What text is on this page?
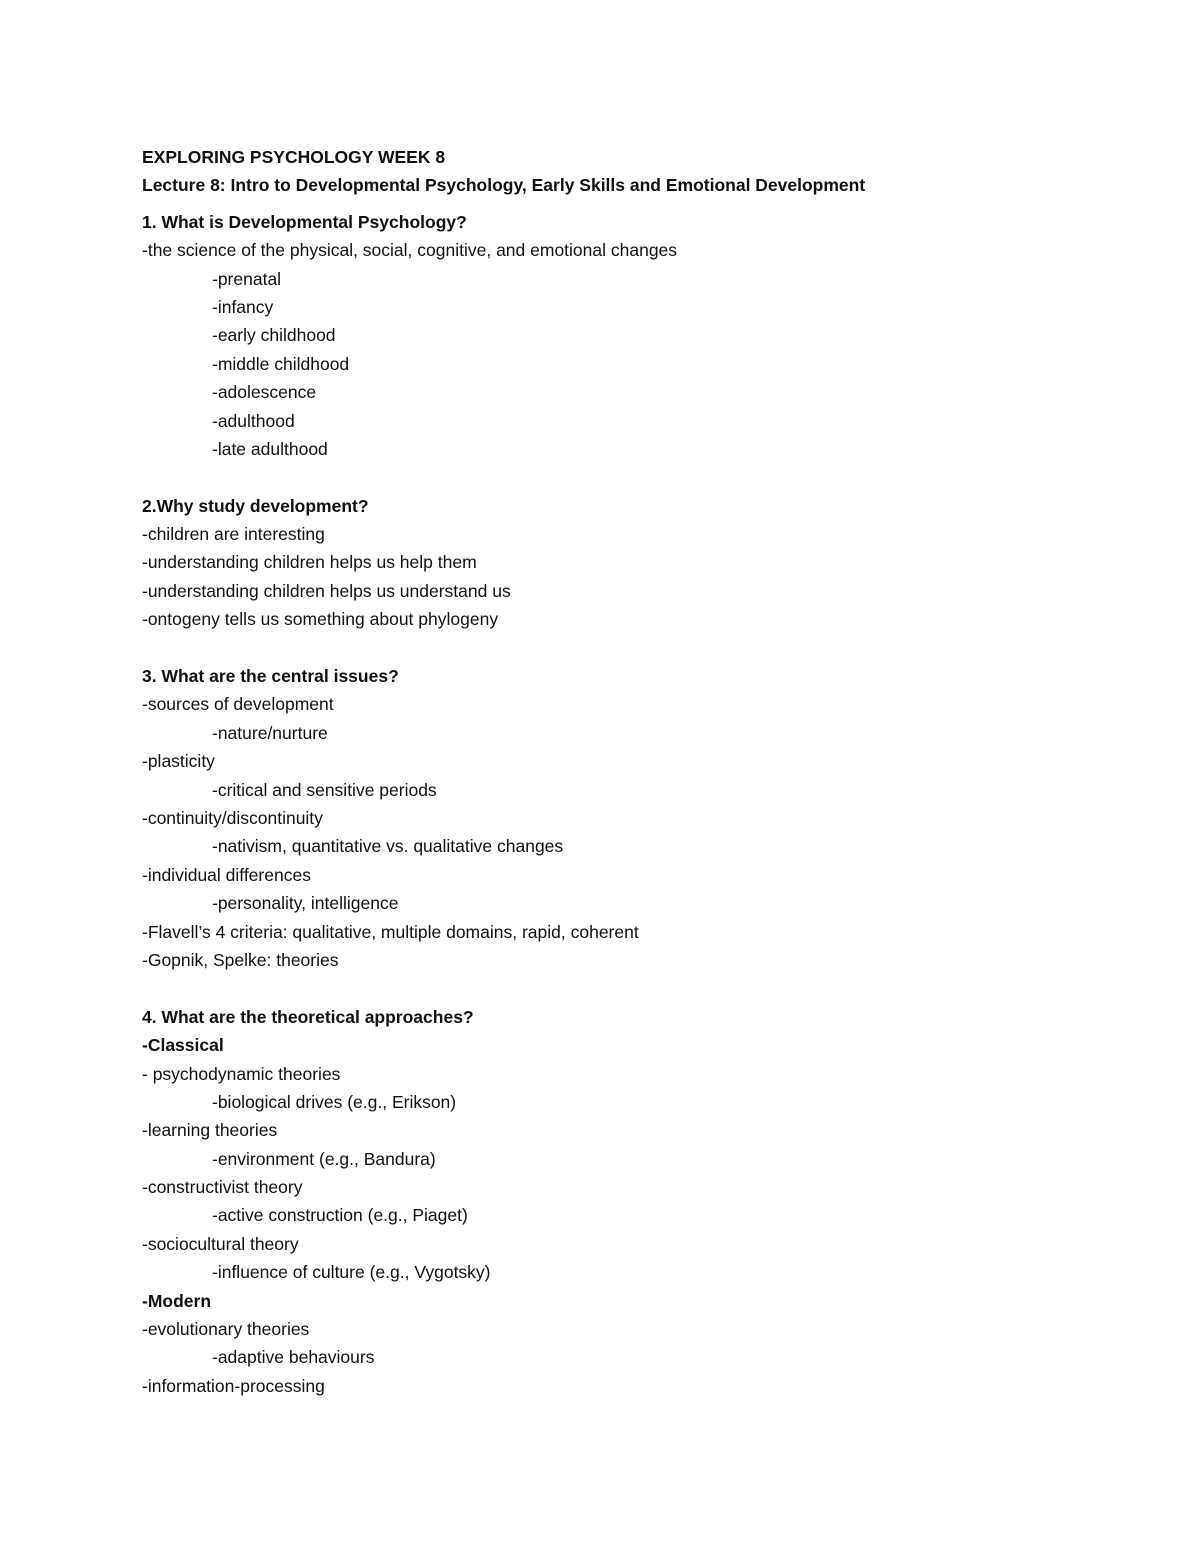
EXPLORING PSYCHOLOGY WEEK 8
Lecture 8: Intro to Developmental Psychology, Early Skills and Emotional Development
1. What is Developmental Psychology?
-the science of the physical, social, cognitive, and emotional changes
-prenatal
-infancy
-early childhood
-middle childhood
-adolescence
-adulthood
-late adulthood
2.Why study development?
-children are interesting
-understanding children helps us help them
-understanding children helps us understand us
-ontogeny tells us something about phylogeny
3. What are the central issues?
-sources of development
-nature/nurture
-plasticity
-critical and sensitive periods
-continuity/discontinuity
-nativism, quantitative vs. qualitative changes
-individual differences
-personality, intelligence
-Flavell’s 4 criteria: qualitative, multiple domains, rapid, coherent
-Gopnik, Spelke: theories
4. What are the theoretical approaches?
-Classical
- psychodynamic theories
-biological drives (e.g., Erikson)
-learning theories
-environment (e.g., Bandura)
-constructivist theory
-active construction (e.g., Piaget)
-sociocultural theory
-influence of culture (e.g., Vygotsky)
-Modern
-evolutionary theories
-adaptive behaviours
-information-processing
